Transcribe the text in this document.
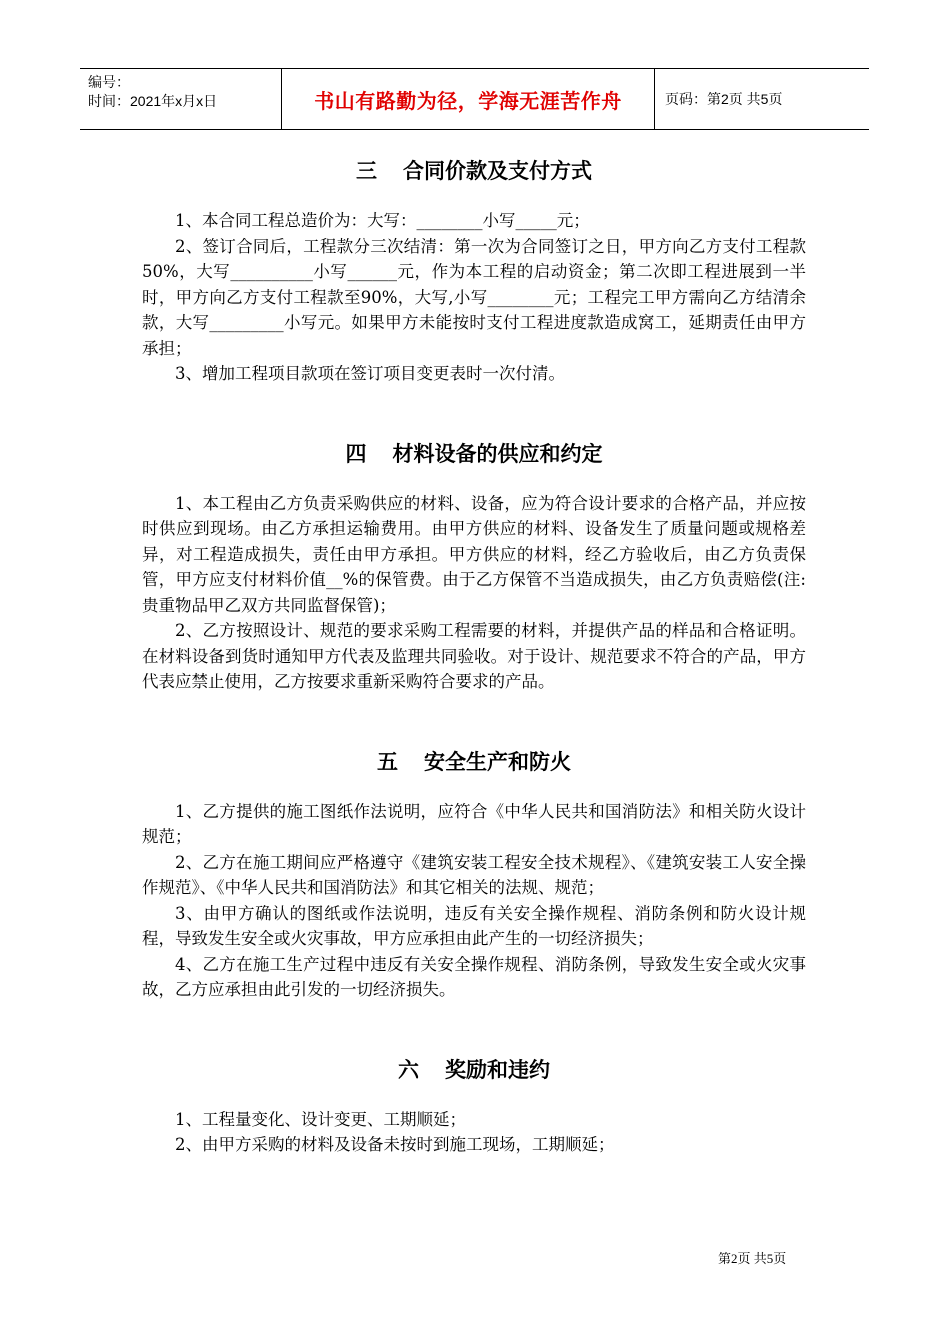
编号：
时间：2021年x月x日	书山有路勤为径，学海无涯苦作舟	页码：第2页 共5页
三 合同价款及支付方式

1、本合同工程总造价为：大写：________小写_____元；

2、签订合同后，工程款分三次结清：第一次为合同签订之日，甲方向乙方支付工程款50%，大写__________小写______元，作为本工程的启动资金；第二次即工程进展到一半时，甲方向乙方支付工程款至90%，大写,小写________元；工程完工甲方需向乙方结清余款，大写_________小写元。如果甲方未能按时支付工程进度款造成窝工，延期责任由甲方承担；

3、增加工程项目款项在签订项目变更表时一次付清。

四 材料设备的供应和约定

1、本工程由乙方负责采购供应的材料、设备，应为符合设计要求的合格产品，并应按时供应到现场。由乙方承担运输费用。由甲方供应的材料、设备发生了质量问题或规格差异，对工程造成损失，责任由甲方承担。甲方供应的材料，经乙方验收后，由乙方负责保管，甲方应支付材料价值__%的保管费。由于乙方保管不当造成损失，由乙方负责赔偿(注:贵重物品甲乙双方共同监督保管)；

2、乙方按照设计、规范的要求采购工程需要的材料，并提供产品的样品和合格证明。在材料设备到货时通知甲方代表及监理共同验收。对于设计、规范要求不符合的产品，甲方代表应禁止使用，乙方按要求重新采购符合要求的产品。

五 安全生产和防火

1、乙方提供的施工图纸作法说明，应符合《中华人民共和国消防法》和相关防火设计规范；

2、乙方在施工期间应严格遵守《建筑安装工程安全技术规程》、《建筑安装工人安全操作规范》、《中华人民共和国消防法》和其它相关的法规、规范；

3、由甲方确认的图纸或作法说明，违反有关安全操作规程、消防条例和防火设计规程，导致发生安全或火灾事故，甲方应承担由此产生的一切经济损失；

4、乙方在施工生产过程中违反有关安全操作规程、消防条例，导致发生安全或火灾事故，乙方应承担由此引发的一切经济损失。

六 奖励和违约

1、工程量变化、设计变更、工期顺延；

2、由甲方采购的材料及设备未按时到施工现场，工期顺延；

第2页 共5页
